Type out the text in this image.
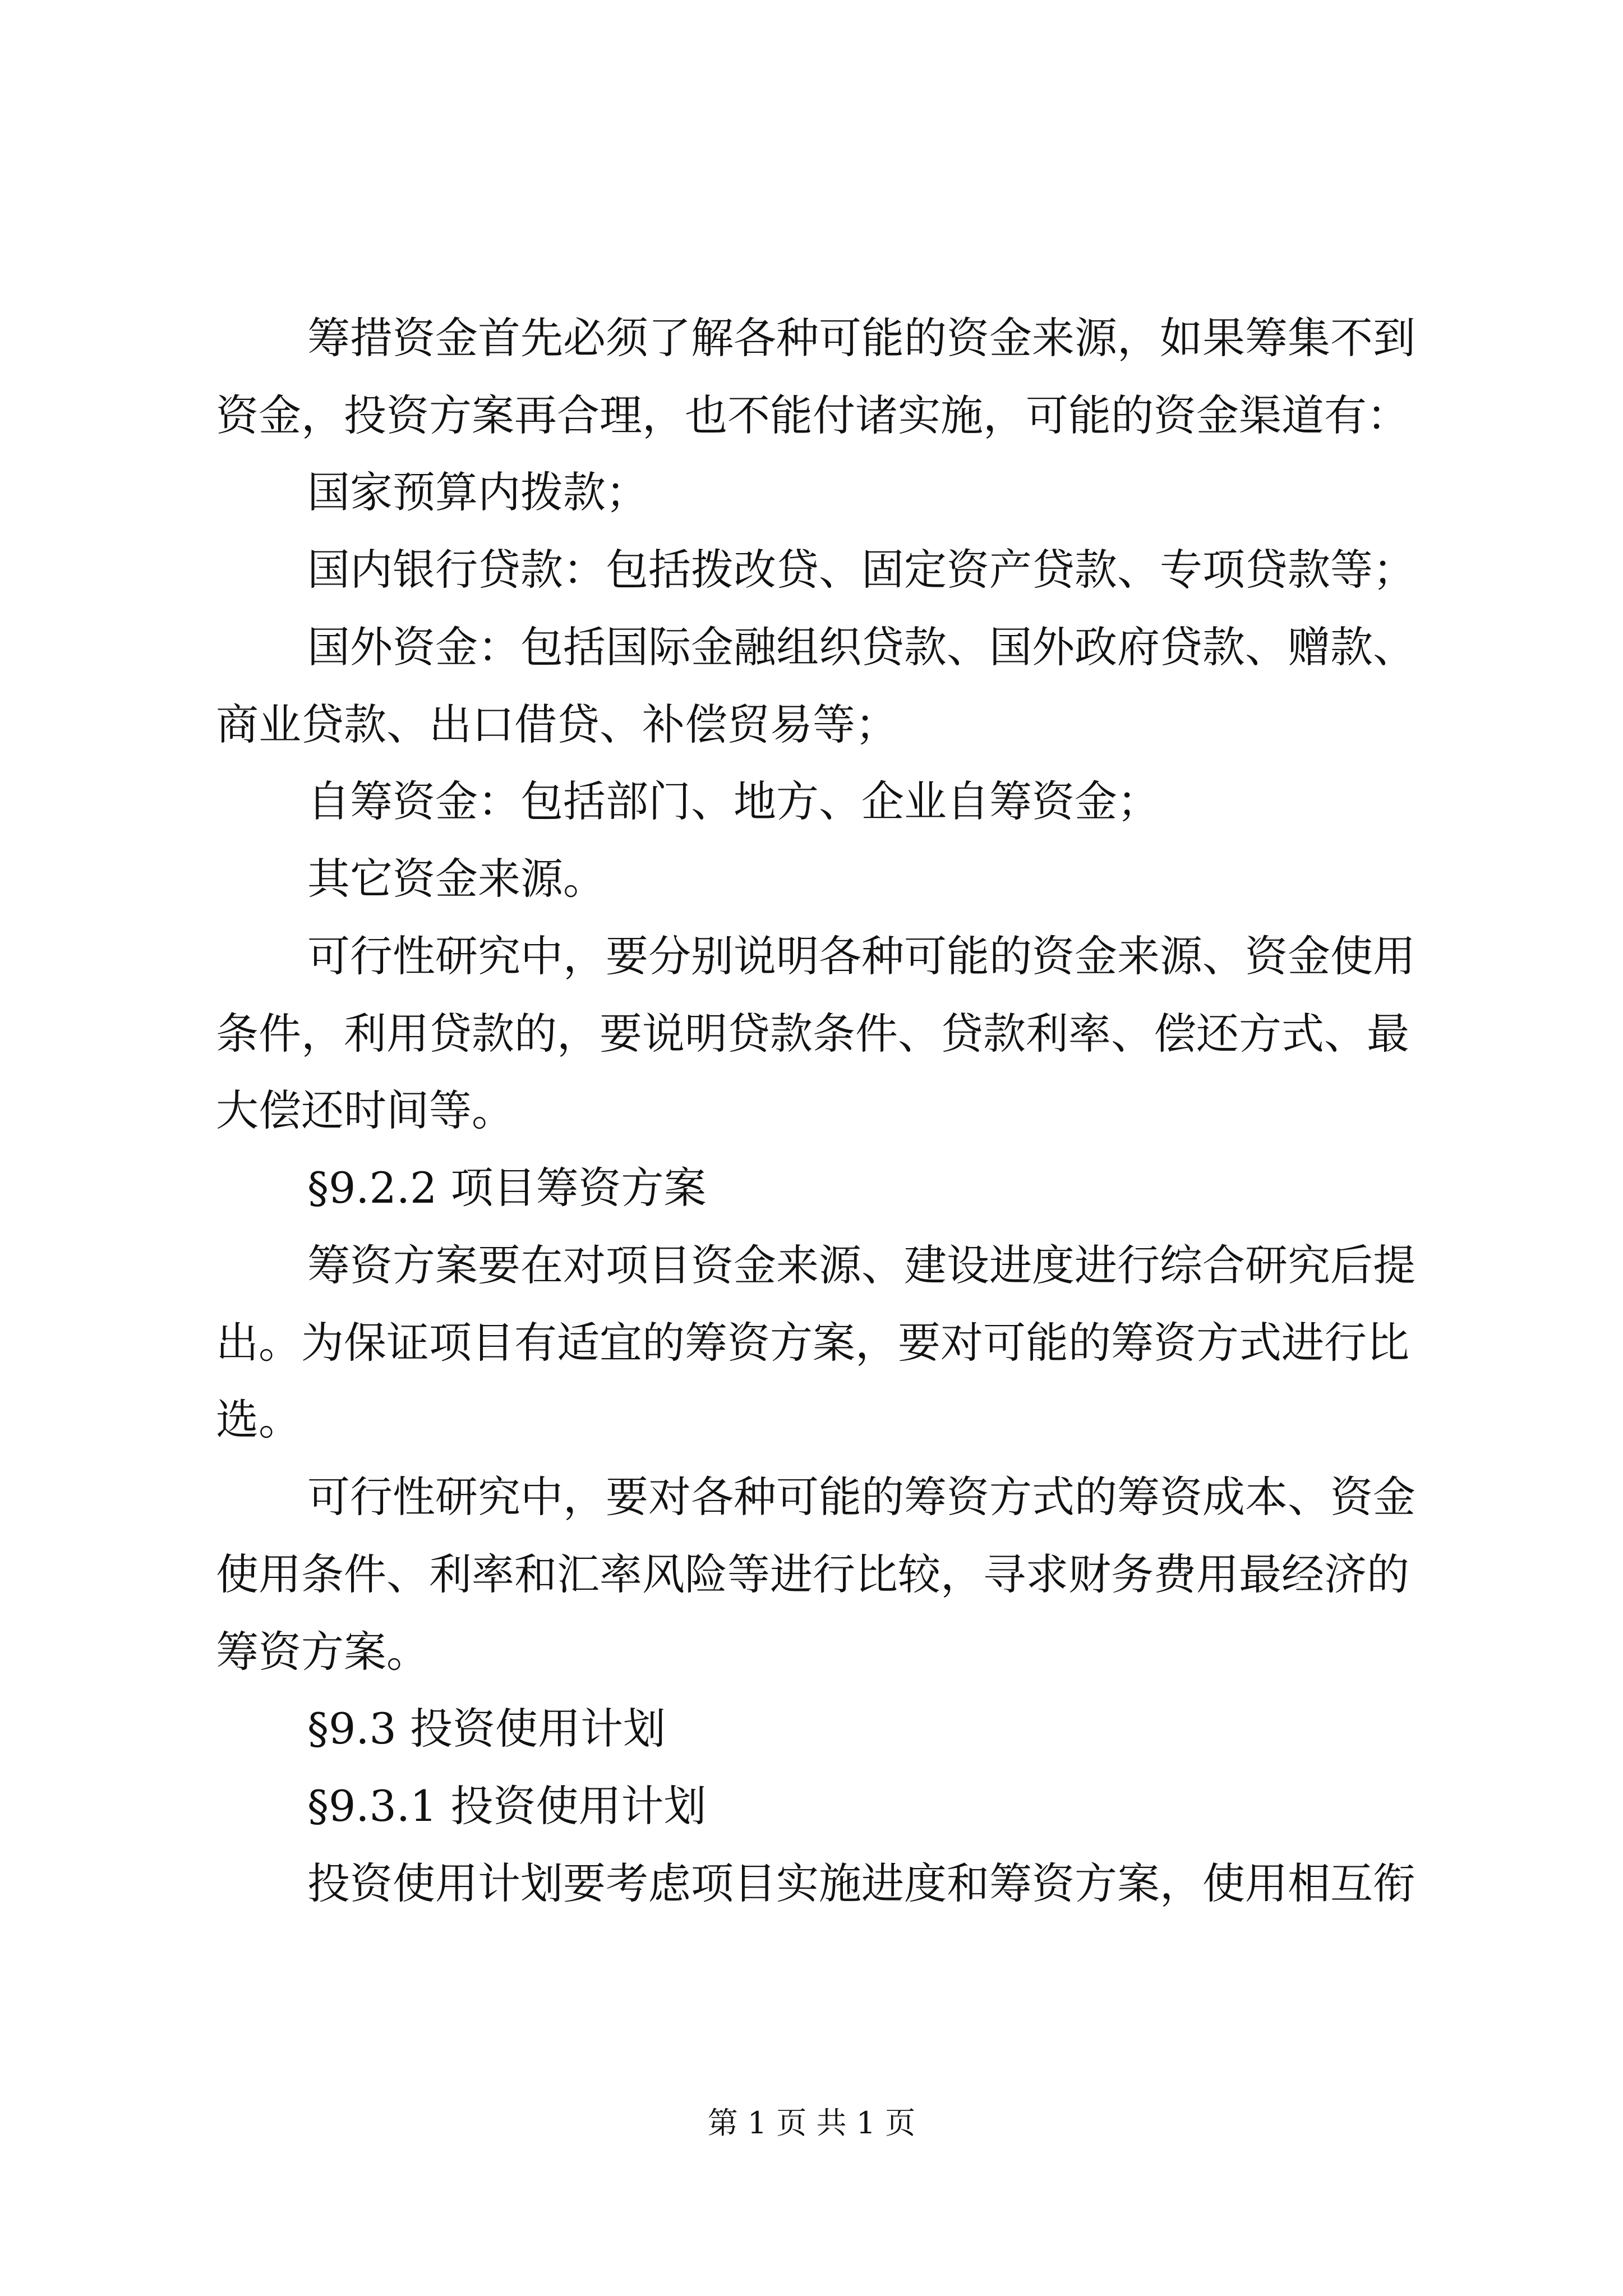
筹措资金首先必须了解各种可能的资金来源，如果筹集不到
资金，投资方案再合理，也不能付诸实施，可能的资金渠道有：
国家预算内拨款；
国内银行贷款：包括拨改贷、固定资产贷款、专项贷款等；
国外资金：包括国际金融组织贷款、国外政府贷款、赠款、
商业贷款、出口借贷、补偿贸易等；
自筹资金：包括部门、地方、企业自筹资金；
其它资金来源。
可行性研究中，要分别说明各种可能的资金来源、资金使用
条件，利用贷款的，要说明贷款条件、贷款利率、偿还方式、最
大偿还时间等。
§9.2.2 项目筹资方案
筹资方案要在对项目资金来源、建设进度进行综合研究后提
出。为保证项目有适宜的筹资方案，要对可能的筹资方式进行比
选。
可行性研究中，要对各种可能的筹资方式的筹资成本、资金
使用条件、利率和汇率风险等进行比较，寻求财务费用最经济的
筹资方案。
§9.3 投资使用计划
§9.3.1 投资使用计划
投资使用计划要考虑项目实施进度和筹资方案，使用相互衔
第 1 页 共 1 页
